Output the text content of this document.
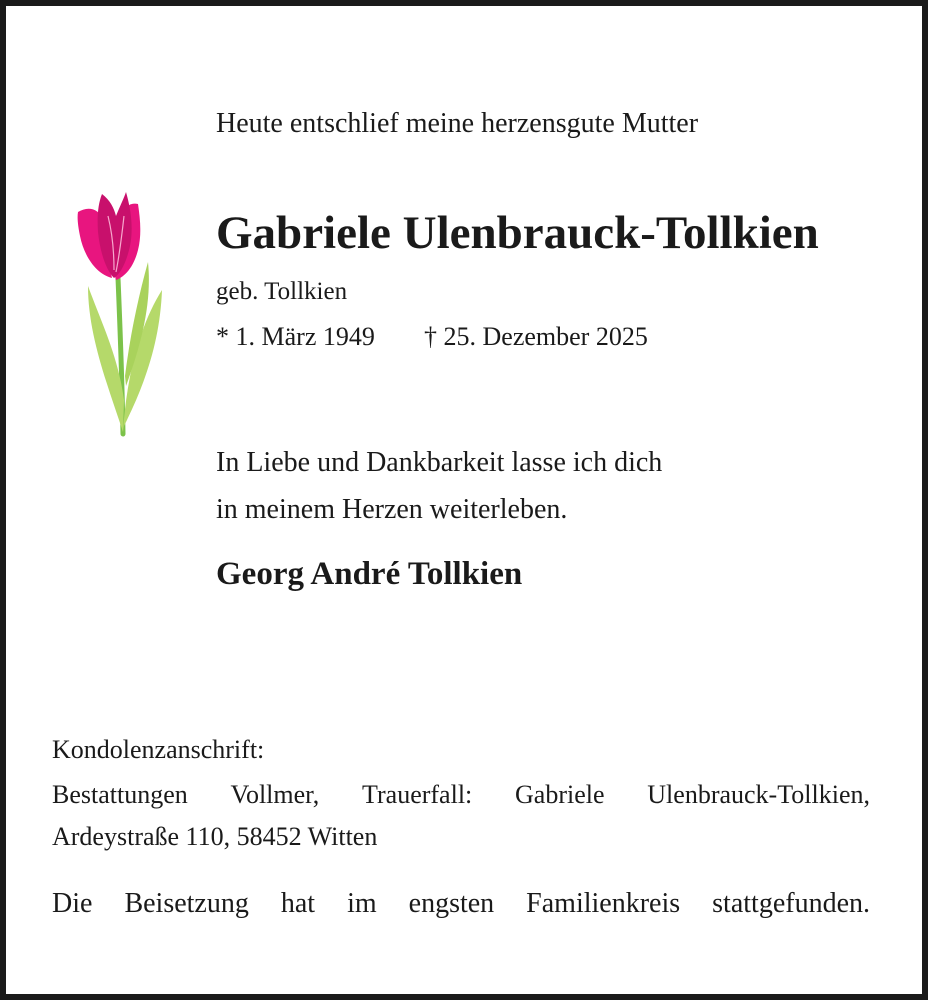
Heute entschlief meine herzensgute Mutter
Gabriele Ulenbrauck-Tollkien
geb. Tollkien
* 1. März 1949 † 25. Dezember 2025
In Liebe und Dankbarkeit lasse ich dich
in meinem Herzen weiterleben.
Georg André Tollkien
Kondolenzanschrift:
Bestattungen Vollmer, Trauerfall: Gabriele Ulenbrauck-Tollkien,
Ardeystraße 110, 58452 Witten
Die Beisetzung hat im engsten Familienkreis stattgefunden.
